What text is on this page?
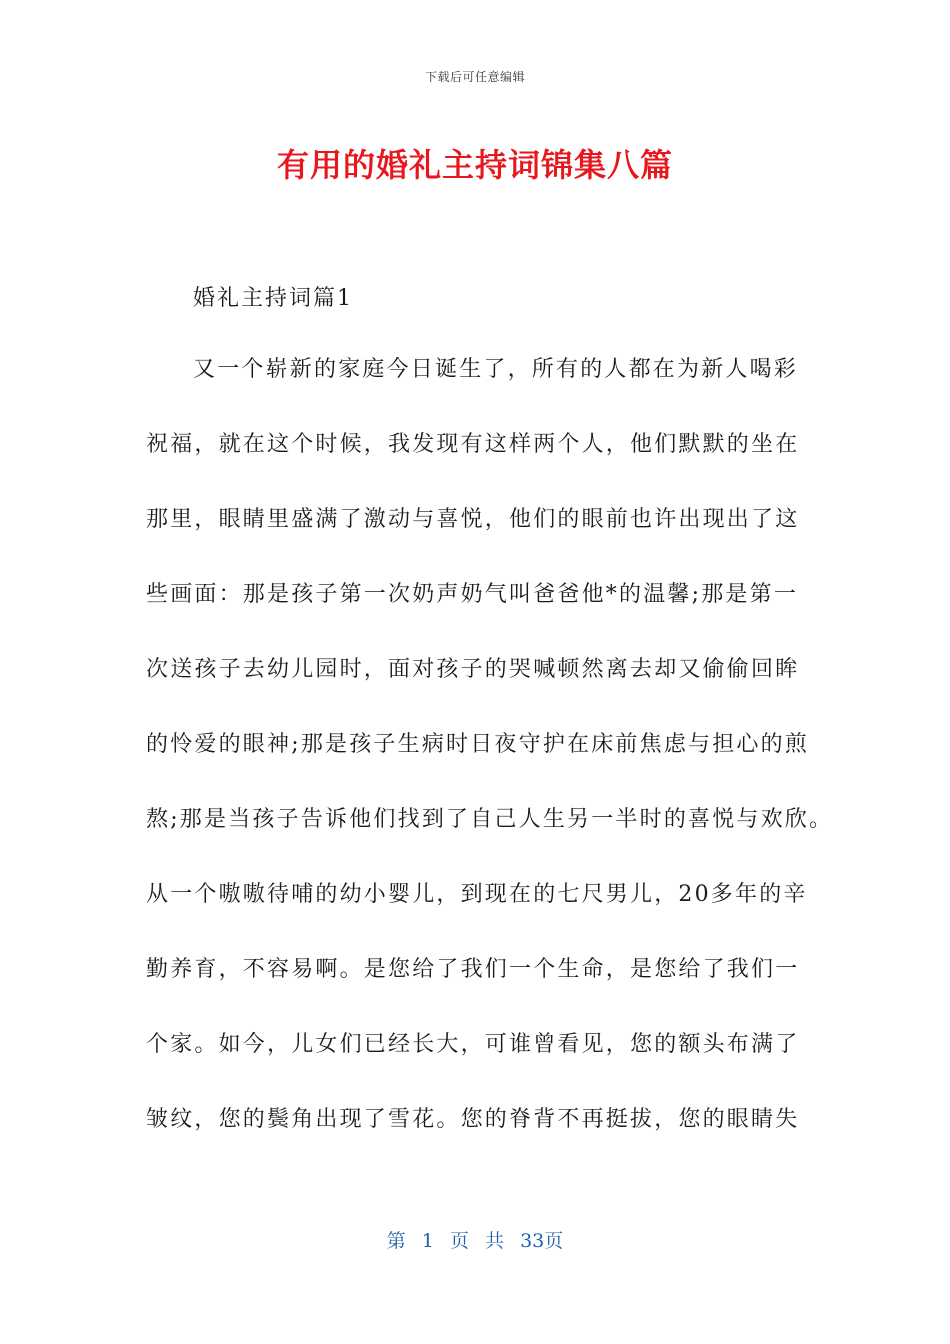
下载后可任意编辑
有用的婚礼主持词锦集八篇
婚礼主持词篇1
又一个崭新的家庭今日诞生了，所有的人都在为新人喝彩
祝福，就在这个时候，我发现有这样两个人，他们默默的坐在
那里，眼睛里盛满了激动与喜悦，他们的眼前也许出现出了这
些画面：那是孩子第一次奶声奶气叫爸爸他*的温馨;那是第一
次送孩子去幼儿园时，面对孩子的哭喊顿然离去却又偷偷回眸
的怜爱的眼神;那是孩子生病时日夜守护在床前焦虑与担心的煎
熬;那是当孩子告诉他们找到了自己人生另一半时的喜悦与欢欣。
从一个嗷嗷待哺的幼小婴儿，到现在的七尺男儿，20多年的辛
勤养育，不容易啊。是您给了我们一个生命，是您给了我们一
个家。如今，儿女们已经长大，可谁曾看见，您的额头布满了
皱纹，您的鬓角出现了雪花。您的脊背不再挺拔，您的眼睛失
第 1 页 共 33页
